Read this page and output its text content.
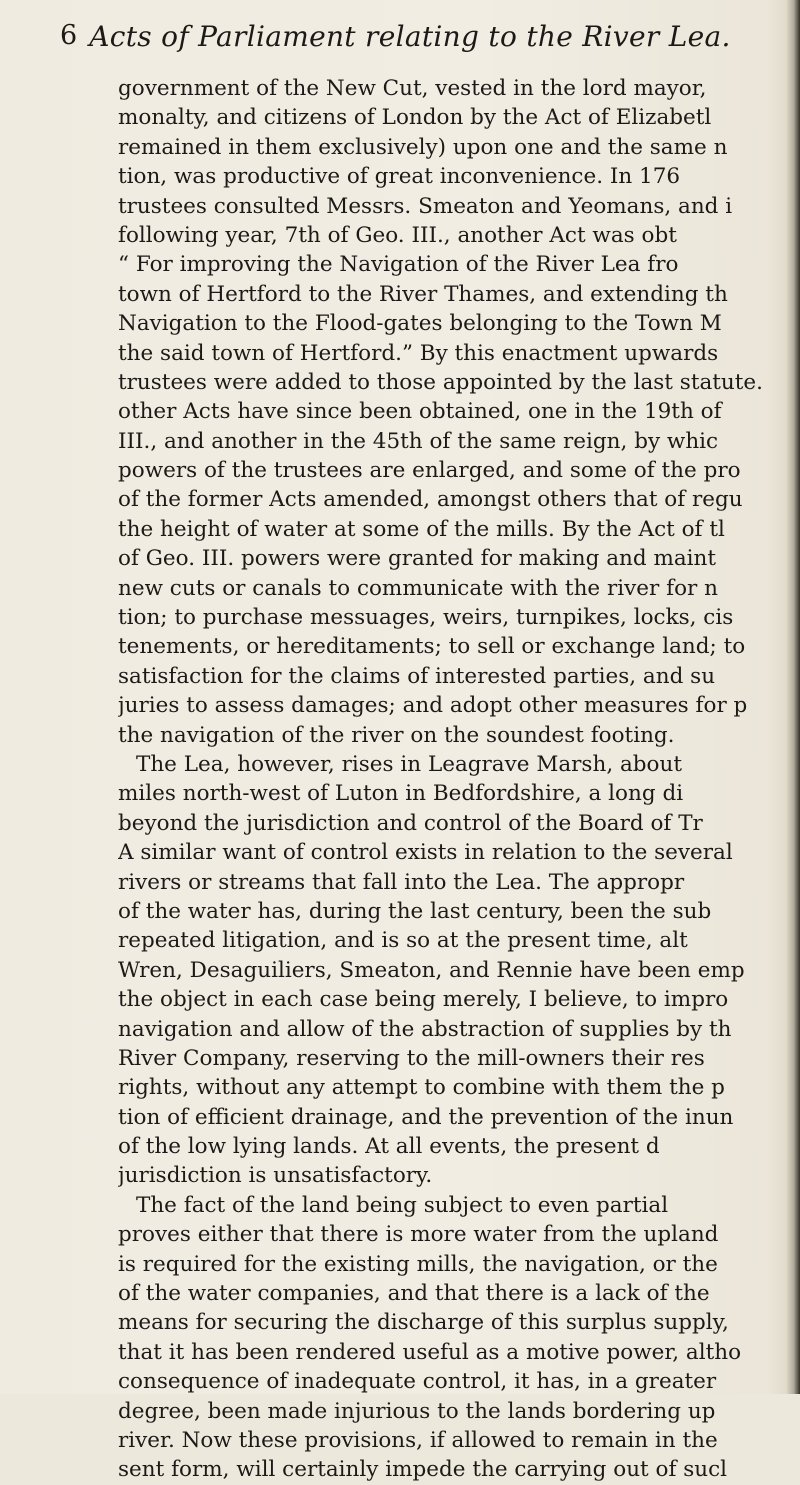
6 Acts of Parliament relating to the River Lea.
government of the New Cut, vested in the lord mayor,
monalty, and citizens of London by the Act of Elizabetl
remained in them exclusively) upon one and the same n
tion, was productive of great inconvenience. In 176
trustees consulted Messrs. Smeaton and Yeomans, and i
following year, 7th of Geo. III., another Act was obt
“ For improving the Navigation of the River Lea fro
town of Hertford to the River Thames, and extending th
Navigation to the Flood-gates belonging to the Town M
the said town of Hertford.” By this enactment upwards
trustees were added to those appointed by the last statute.
other Acts have since been obtained, one in the 19th of
III., and another in the 45th of the same reign, by whic
powers of the trustees are enlarged, and some of the pro
of the former Acts amended, amongst others that of regu
the height of water at some of the mills. By the Act of tl
of Geo. III. powers were granted for making and maint
new cuts or canals to communicate with the river for n
tion; to purchase messuages, weirs, turnpikes, locks, cis
tenements, or hereditaments; to sell or exchange land; to
satisfaction for the claims of interested parties, and su
juries to assess damages; and adopt other measures for p
the navigation of the river on the soundest footing.
The Lea, however, rises in Leagrave Marsh, about
miles north-west of Luton in Bedfordshire, a long di
beyond the jurisdiction and control of the Board of Tr
A similar want of control exists in relation to the several
rivers or streams that fall into the Lea. The appropr
of the water has, during the last century, been the sub
repeated litigation, and is so at the present time, alt
Wren, Desaguiliers, Smeaton, and Rennie have been emp
the object in each case being merely, I believe, to impro
navigation and allow of the abstraction of supplies by th
River Company, reserving to the mill-owners their res
rights, without any attempt to combine with them the p
tion of efficient drainage, and the prevention of the inun
of the low lying lands. At all events, the present d
jurisdiction is unsatisfactory.
The fact of the land being subject to even partial
proves either that there is more water from the upland
is required for the existing mills, the navigation, or the
of the water companies, and that there is a lack of the
means for securing the discharge of this surplus supply,
that it has been rendered useful as a motive power, altho
consequence of inadequate control, it has, in a greater
degree, been made injurious to the lands bordering up
river. Now these provisions, if allowed to remain in the
sent form, will certainly impede the carrying out of sucl
